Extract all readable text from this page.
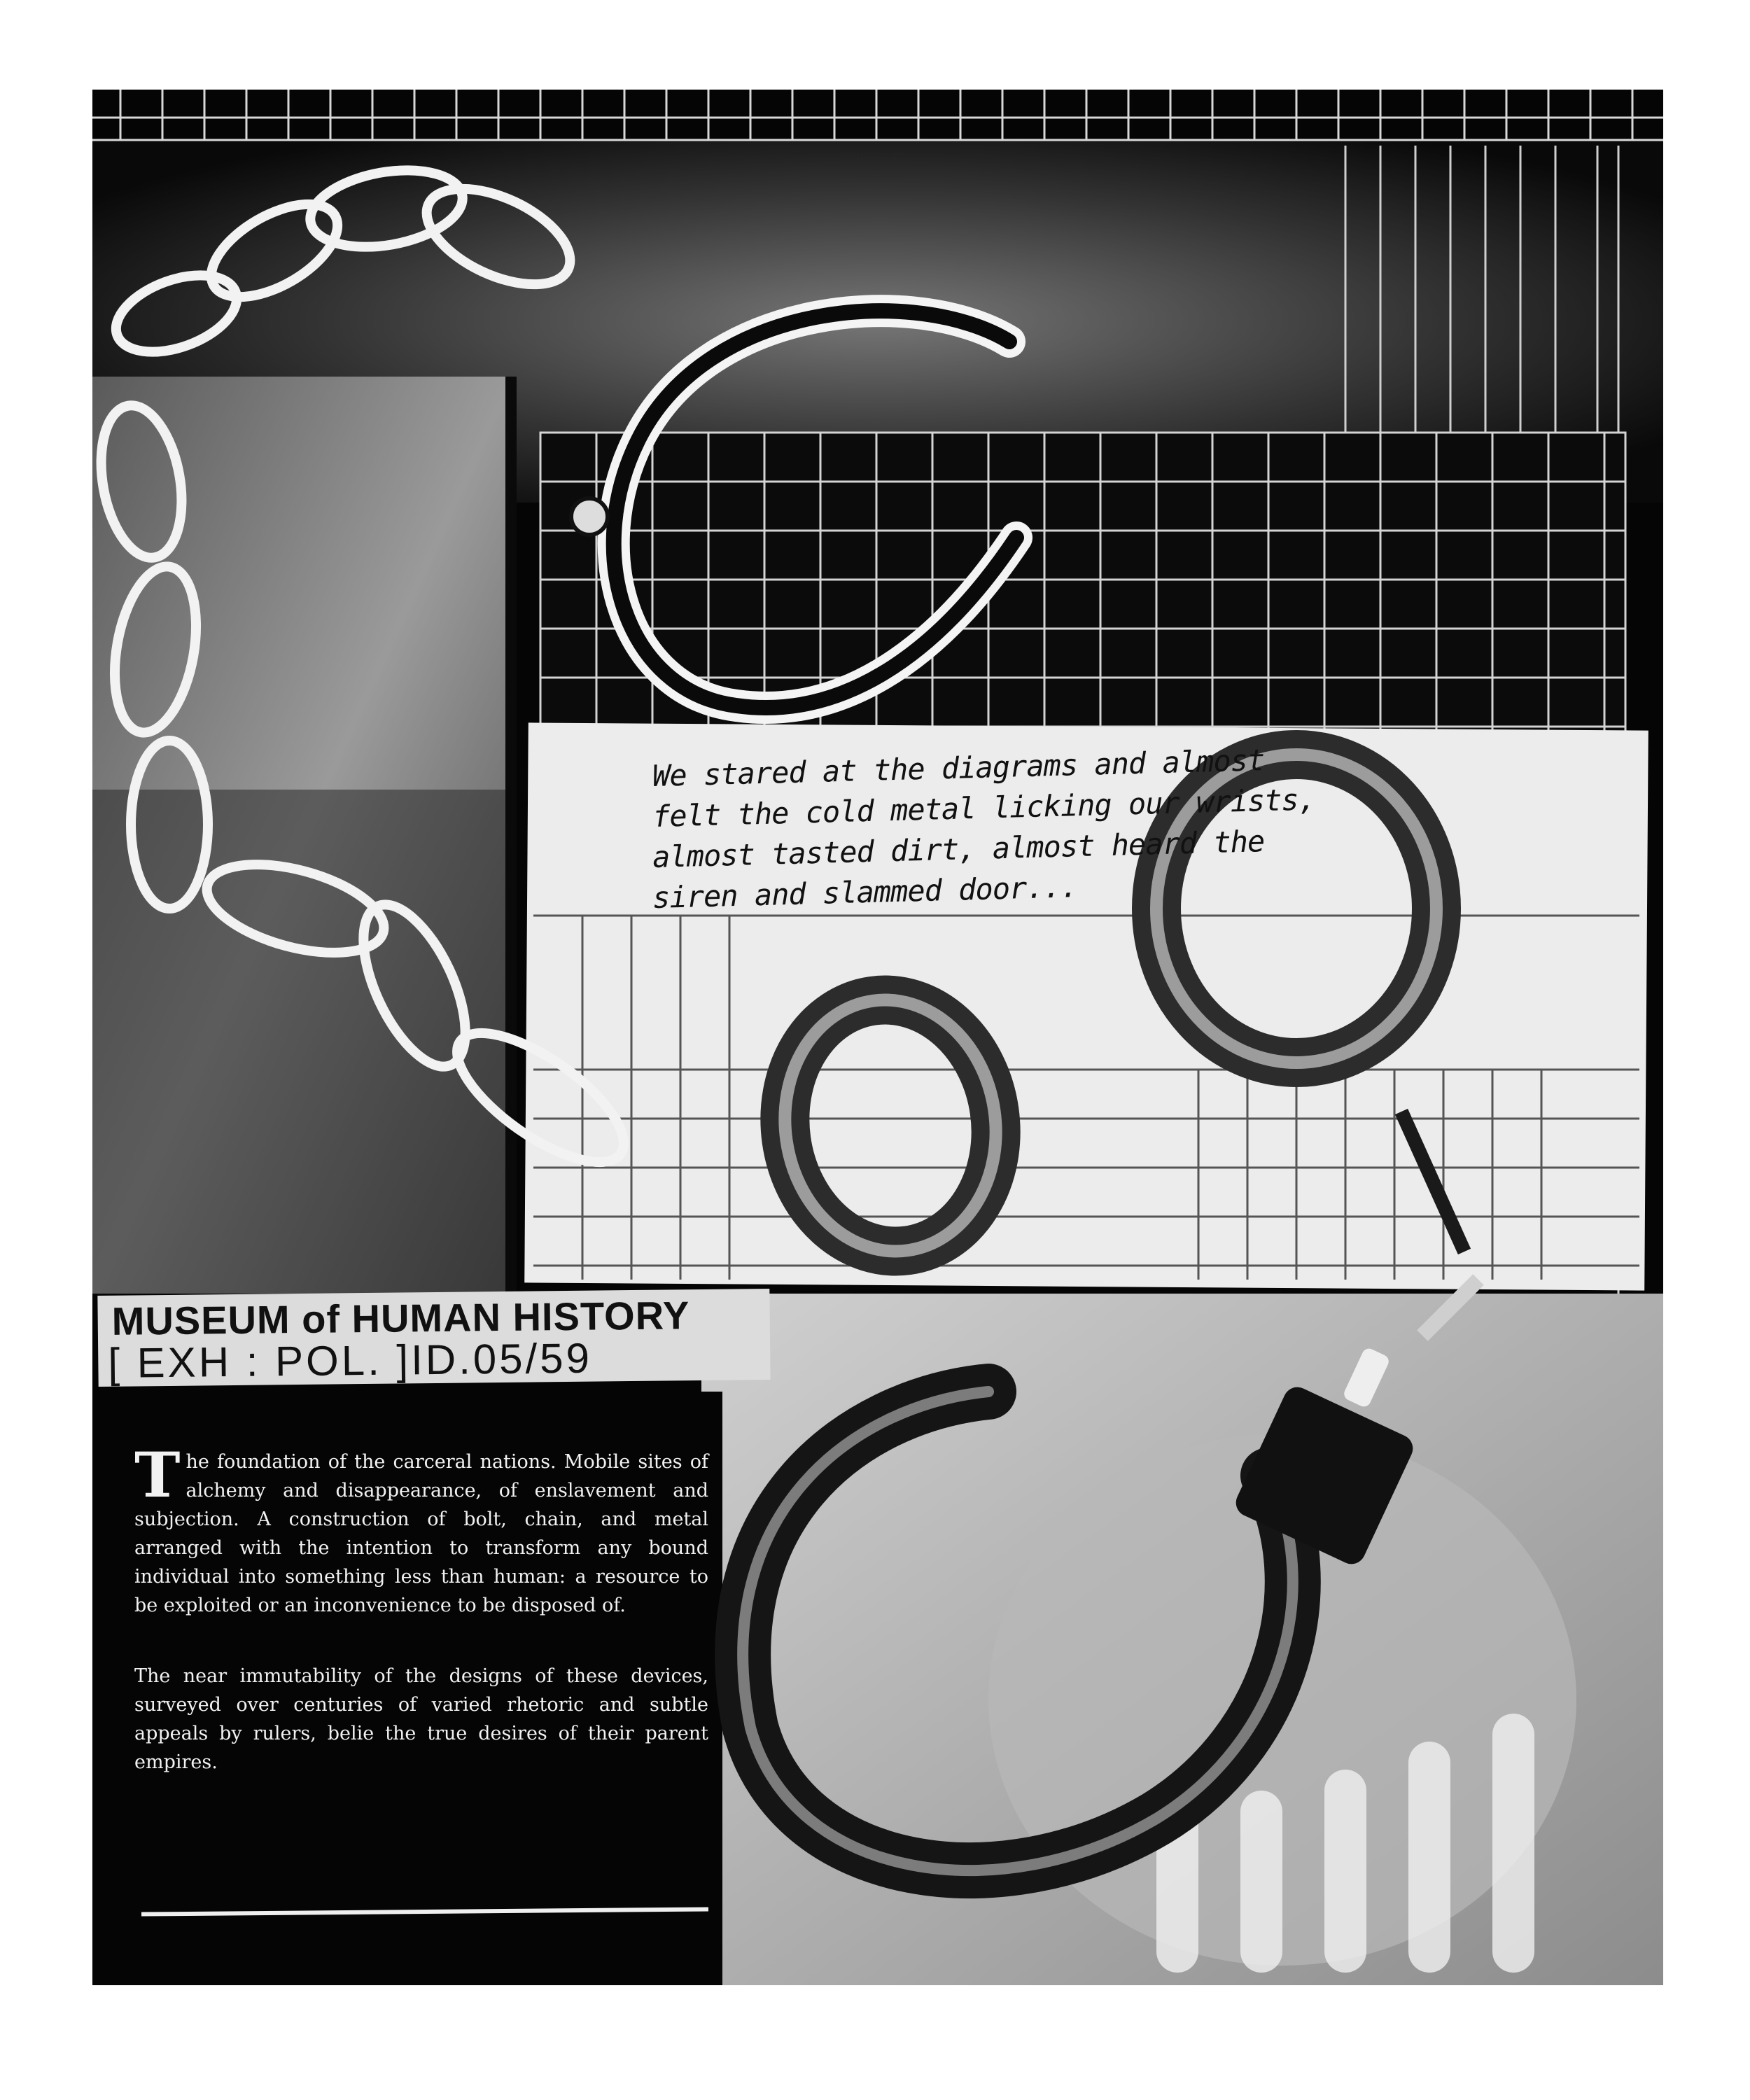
We stared at the diagrams and almost

felt the cold metal licking our wrists,

almost tasted dirt, almost heard the

siren and slammed door...

MUSEUM of HUMAN HISTORY
[ EXH : POL. ]ID.05/59

The foundation of the carceral nations. Mobile sites of alchemy and disappearance, of enslavement and subjection. A construction of bolt, chain, and metal arranged with the intention to transform any bound individual into something less than human: a resource to be exploited or an inconvenience to be disposed of.

The near immutability of the designs of these devices, surveyed over centuries of varied rhetoric and subtle appeals by rulers, belie the true desires of their parent empires.
